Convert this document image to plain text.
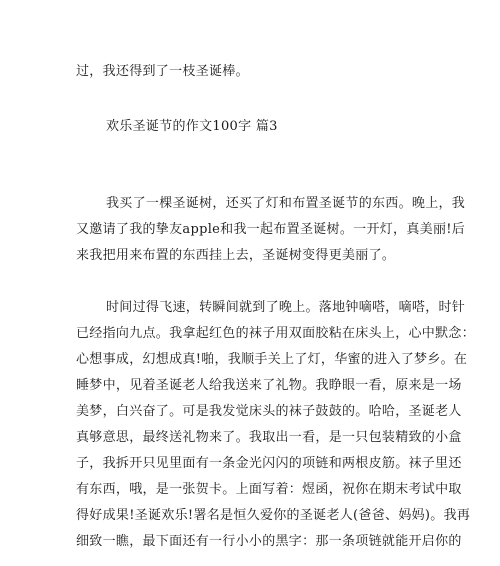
过，我还得到了一枝圣诞棒。
欢乐圣诞节的作文100字 篇3
我买了一棵圣诞树，还买了灯和布置圣诞节的东西。晚上，我
又邀请了我的挚友apple和我一起布置圣诞树。一开灯，真美丽!后
来我把用来布置的东西挂上去，圣诞树变得更美丽了。
时间过得飞速，转瞬间就到了晚上。落地钟嘀嗒，嘀嗒，时针
已经指向九点。我拿起红色的袜子用双面胶粘在床头上，心中默念：
心想事成，幻想成真!啪，我顺手关上了灯，华蜜的进入了梦乡。在
睡梦中，见着圣诞老人给我送来了礼物。我睁眼一看，原来是一场
美梦，白兴奋了。可是我发觉床头的袜子鼓鼓的。哈哈，圣诞老人
真够意思，最终送礼物来了。我取出一看，是一只包装精致的小盒
子，我拆开只见里面有一条金光闪闪的项链和两根皮筋。袜子里还
有东西，哦，是一张贺卡。上面写着：煜函，祝你在期末考试中取
得好成果!圣诞欢乐!署名是恒久爱你的圣诞老人(爸爸、妈妈)。我再
细致一瞧，最下面还有一行小小的黑字：那一条项链就能开启你的
